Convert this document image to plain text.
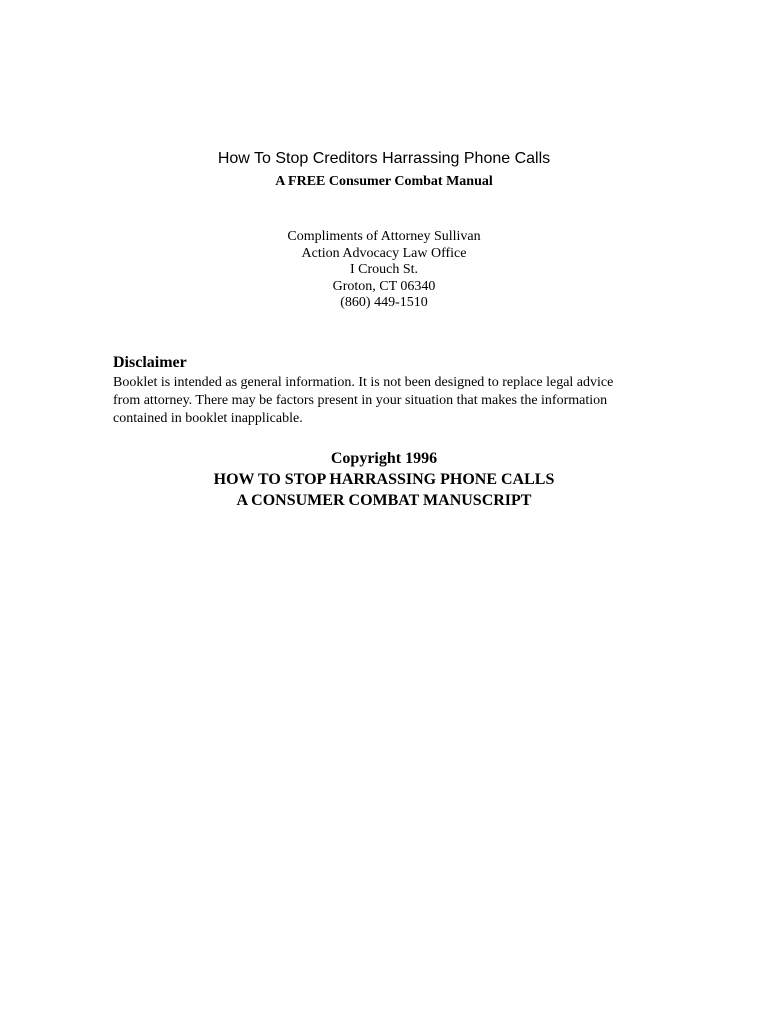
How To Stop Creditors Harrassing Phone Calls
A FREE Consumer Combat Manual
Compliments of Attorney Sullivan
Action Advocacy Law Office
I Crouch St.
Groton, CT 06340
(860) 449-1510
Disclaimer
Booklet is intended as general information. It is not been designed to replace legal advice
from attorney. There may be factors present in your situation that makes the information
contained in booklet inapplicable.
Copyright 1996
HOW TO STOP HARRASSING PHONE CALLS
A CONSUMER COMBAT MANUSCRIPT
